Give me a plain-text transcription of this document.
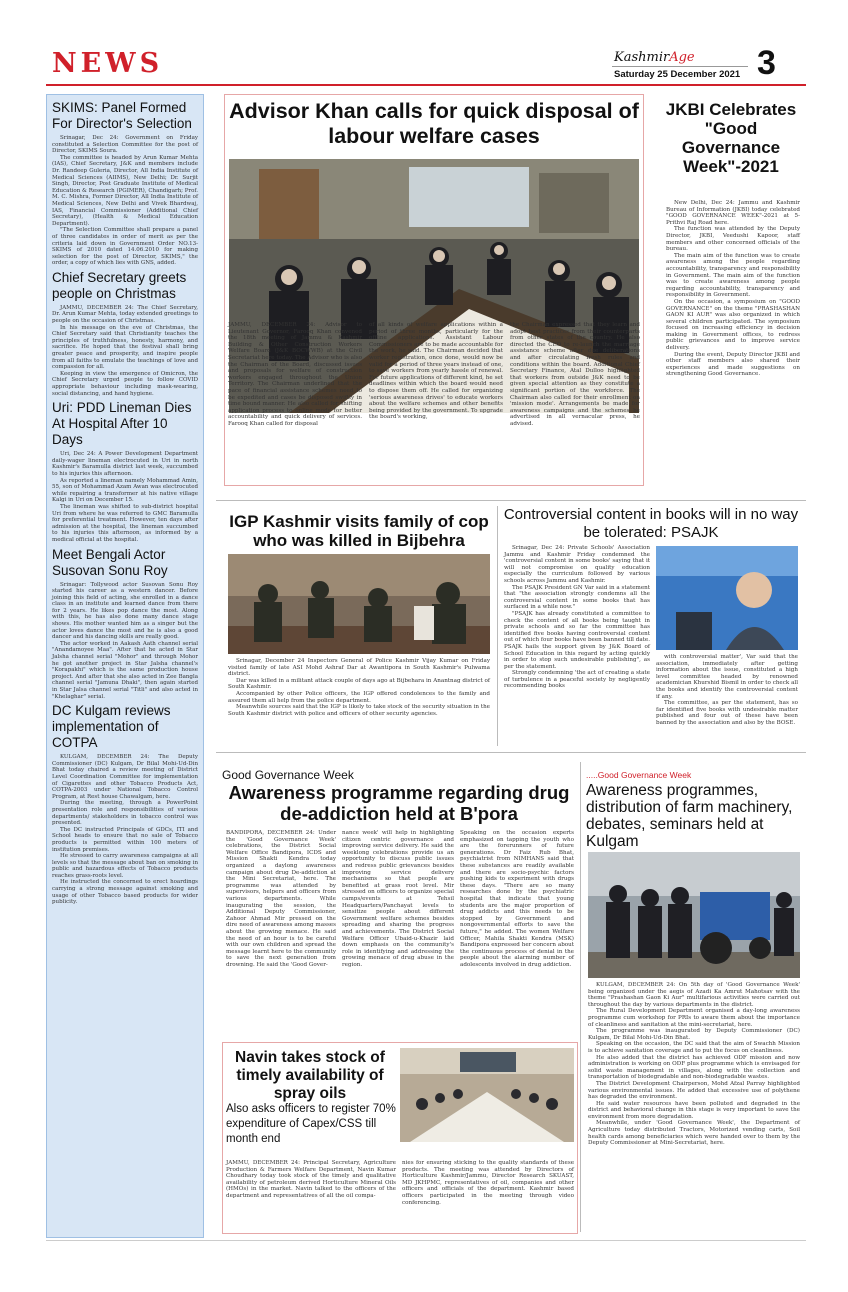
NEWS	KashmirAge
Saturday 25 December 2021 3
SKIMS: Panel Formed For Director's Selection

Srinagar, Dec 24: Government on Friday constituted a Selection Committee for the post of Director, SKIMS Soura.

The committee is headed by Arun Kumar Mehta (IAS), Chief Secretary, J&K and members include Dr. Randeep Guleria, Director, All India Institute of Medical Sciences (AIIMS), New Delhi; Dr. Surjit Singh, Director, Post Graduate Institute of Medical Education & Research (PGIMER), Chandigarh; Prof. M. C. Mishra, Former Director, All India Institute of Medical Sciences, New Delhi and Vivek Bhardwaj, IAS, Financial Commissioner (Additional Chief Secretary), (Health & Medical Education Department).

"The Selection Committee shall prepare a panel of three candidates in order of merit as per the criteria laid down in Government Order NO.13-SKIMS of 2010 dated 14.06.2010 for making selection for the post of Director, SKIMS," the order, a copy of which lies with GNS, added.

Chief Secretary greets people on Christmas

JAMMU, DECEMBER 24: The Chief Secretary, Dr. Arun Kumar Mehta, today extended greetings to people on the occasion of Christmas.

In his message on the eve of Christmas, the Chief Secretary said that Christianity teaches the principles of truthfulness, honesty, harmony, and sacrifice. He hoped that the festival shall bring greater peace and prosperity, and inspire people from all faiths to emulate the teachings of love and compassion for all.

Keeping in view the emergence of Omicron, the Chief Secretary urged people to follow COVID appropriate behaviour including mask-wearing, social distancing, and hand hygiene.

Uri: PDD Lineman Dies At Hospital After 10 Days

Uri, Dec 24: A Power Development Department daily-wager lineman electrocuted in Uri in north Kashmir's Baramulla district last week, succumbed to his injuries this afternoon.

As reported a lineman namely Mohammad Amin, 55, son of Mohammad Azam Awan was electrocuted while repairing a transformer at his native village Kalgi in Uri on December 15.

The lineman was shifted to sub-district hospital Uri from where he was referred to GMC Baramulla for preferential treatment. However, ten days after admission at the hospital, the lineman succumbed to his injuries this afternoon, as informed by a medical official at the hospital.

Meet Bengali Actor Susovan Sonu Roy

Srinagar: Tollywood actor Susovan Sonu Roy started his career as a western dancer. Before joining this field of acting, she enrolled in a dance class in an institute and learned dance from there for 2 years. He likes pop dance the most. Along with this, he has also done many dance stage shows. His mother wanted him as a singer but the actor loves dance the most and he is also a good dancer and his dancing skills are really good.

The actor worked in Aakash Aath channel serial "Anandamoyee Maa". After that he acted in Star Jalsha channel serial "Mohor" and through Mohor he got another project in Star Jalsha channel's "Korapakhi" which is the same production house project. And after that she also acted in Zee Bangla channel serial "Jamuna Dhaki", then again started in Star Jalsa channel serial "Titli" and also acted in "Khelaghar" serial.

DC Kulgam reviews implementation of COTPA

KULGAM, DECEMBER 24: The Deputy Commissioner (DC) Kulgam, Dr Bilal Mohi-Ud-Din Bhat today chaired a review meeting of District Level Coordination Committee for implementation of Cigarettes and other Tobacco Products Act, COTPA-2003 under National Tobacco Control Program, at Rest house Chawalgam, here.

During the meeting, through a PowerPoint presentation role and responsibilities of various departments/ stakeholders in tobacco control was presented.

The DC instructed Principals of GDCs, ITI and School heads to ensure that no sale of Tobacco products is permitted within 100 meters of institution premises.

He stressed to carry awareness campaigns at all levels so that the message about ban on smoking in public and hazardous effects of Tobacco products reaches grass-roots level.

He instructed the concerned to erect hoardings carrying a strong message against smoking and usage of other Tobacco based products for wider publicity.

Advisor Khan calls for quick disposal of labour welfare cases
JAMMU, DECEMBER 24: Advisor to Lieutenant Governor, Farooq Khan convened the 18th meeting of Jammu & Kashmir Building & Other Construction Workers Welfare Board (J&K BOCWWB) at the Civil Secretariat here today. The Advisor who is also the Chairman of the Board, discussed issues and proposals for welfare of construction workers engaged throughout the Union Territory. The Chairman underlined that the pace of financial assistance schemes need to be expedited and cases be disposed swiftly in time bound manner. He also called for shifting application process to online mode for better accountability and quick delivery of services. Farooq Khan called for disposal
of all kinds of welfare applications within a period of three months, particularly for the offline applications. Assistant Labour Commissioners are to be made accountable for the work, he said. The Chairman decided that worker registration, once done, would now be valid for a period of three years instead of one, to save workers from yearly hassle of renewal. For future applications of different kind, he set deadlines within which the board would need to dispose them off. He called for organizing 'serious awareness drives' to educate workers about the welfare schemes and other benefits being provided by the government. To upgrade the board's working,
the Chairman expressed that they learn and adopt best practices from their counterparts from other states of the country. He also directed the CEO to re-launch the marriage assistance scheme after due deliberations and after circulating fresh rules and conditions within the board. Additional Chief Secretary Finance, Atal Dulloo highlighted that workers from outside J&K need to be given special attention as they constitute a significant portion of the workforce. The Chairman also called for their enrollment on 'mission mode'. Arrangements be made for awareness campaigns and the schemes be advertised in all vernacular press, he advised.
JKBI Celebrates "Good Governance Week"-2021

New Delhi, Dec 24: Jammu and Kashmir Bureau of Information (JKBI) today celebrated "GOOD GOVERNANCE WEEK"-2021 at 5-Prithvi Raj Road here.

The function was attended by the Deputy Director, JKBI, Veedushi Kapoor, staff members and other concerned officials of the bureau.

The main aim of the function was to create awareness among the people regarding accountability, transparency and responsibility in Government. The main aim of the function was to create awareness among people regarding accountability, transparency and responsibility in Government.

On the occasion, a symposium on "GOOD GOVERNANCE" on the theme "PRASHASHAN GAON KI AUR" was also organized in which several children participated. The symposium focused on increasing efficiency in decision making in Government offices, to redress public grievances and to improve service delivery.

During the event, Deputy Director JKBI and other staff members also shared their experiences and made suggestions on strengthening Good Governance.

IGP Kashmir visits family of cop who was killed in Bijbehra

Srinagar, December 24 Inspectors General of Police Kashmir Vijay Kumar on Friday visited family of late ASI Mohd Ashraf Dar at Awantipora in South Kashmir's Pulwama district.

Dar was killed in a militant attack couple of days ago at Bijbehara in Anantnag district of South Kashmir.

Accompanied by other Police officers, the IGP offered condolences to the family and assured them all help from the police department.

Meanwhile sources said that the IGP is likely to take stock of the security situation in the South Kashmir district with police and officers of other security agencies.

Controversial content in books will in no way be tolerated: PSAJK

Srinagar, Dec 24: Private Schools' Association Jammu and Kashmir Friday condemned the 'controversial content in some books' saying that it will not compromise on quality education especially the curriculum followed by various schools across Jammu and Kashmir.

The PSAJK President GN Var said in a statement that "the association strongly condemns all the controversial content in some books that has surfaced in a while now."

"PSAJK has already constituted a committee to check the content of all books being taught in private schools and so far the committee has identified five books having controversial content out of which four books have been banned till date. PSAJK hails the support given by J&K Board of School Education in this regard by acting quickly in order to stop such undesirable publishing", as per the statement.

Strongly condemning 'the act of creating a state of turbulence in a peaceful society by negligently recommending books

with controversial matter', Var said that the association, immediately after getting information about the issue, constituted a high level committee headed by renowned academician Khurshid Bismil in order to check all the books and identify the controversial content if any.

The committee, as per the statement, has so far identified five books with undesirable matter published and four out of these have been banned by the association and also by the BOSE.

Good Governance Week
Awareness programme regarding drug de-addiction held at B'pora
BANDIPORA, DECEMBER 24: Under the 'Good Governance Week' celebrations, the District Social Welfare Office Bandipora, ICDS and Mission Shakti Kendra today organized a daylong awareness campaign about drug De-addiction at the Mini Secretariat, here. The programme was attended by supervisors, helpers and officers from various departments. While inaugurating the session, the Additional Deputy Commissioner, Zahoor Ahmad Mir pressed on the dire need of awareness among masses about the growing menace. He said the need of an hour is to be careful with our own children and spread the message learnt here to the community to save the next generation from drowning. He said the 'Good Gover-
nance week' will help in highlighting citizen centric governance and improving service delivery. He said the weeklong celebrations provide us an opportunity to discuss public issues and redress public grievances besides improving service delivery mechanisms so that people are benefited at grass root level. Mir stressed on officers to organize special camps/events at Tehsil Headquarters/Panchayat levels to sensitize people about different Government welfare schemes besides spreading and sharing the progress and achievements. The District Social Welfare Officer Ubaid-u-Khazir laid down emphasis on the community's role in identifying and addressing the growing menace of drug abuse in the region.
Speaking on the occasion experts emphasized on tapping the youth who are the forerunners of future generations. Dr Faiz Rub Bhat, psychiatrist from NIMHANS said that these substances are readily available and there are socio-psychic factors pushing kids to experiment with drugs these days. "There are so many researches done by the psychiatric hospital that indicate that young students are the major proportion of drug addicts and this needs to be stopped by Government and nongovernmental efforts to save the future," he added. The women Welfare Officer, Mahila Shakti Kendra (MSK) Bandipora expressed her concern about the continuous process of denial in the people about the alarming number of adolescents involved in drug addiction.
Navin takes stock of timely availability of spray oils
Also asks officers to register 70% expenditure of Capex/CSS till month end
JAMMU, DECEMBER 24: Principal Secretary, Agriculture Production & Farmers Welfare Department, Navin Kumar Choudhary today took stock of the timely and qualitative availability of petroleum derived Horticulture Mineral Oils (HMOs) in the market. Navin talked to the officers of the department and representatives of all the oil compa-
nies for ensuring sticking to the quality standards of these products. The meeting was attended by Directors of Horticulture Kashmir/Jammu, Director Research SKUAST, MD JKHPMC, representatives of oil, companies and other officers and officials of the department. Kashmir based officers participated in the meeting through video conferencing.
.....Good Governance Week
Awareness programmes, distribution of farm machinery, debates, seminars held at Kulgam

KULGAM, DECEMBER 24: On 5th day of 'Good Governance Week' being organized under the aegis of Azadi Ka Amrut Mahotsav with the theme "Prashashan Gaon Ki Aur" multifarious activities were carried out throughout the day by various departments in the district.

The Rural Development Department organised a day-long awareness programme cum workshop for PRIs to aware them about the importance of cleanliness and sanitation at the mini-secretariat, here.

The programme was inaugurated by Deputy Commissioner (DC) Kulgam, Dr Bilal Mohi-Ud-Din Bhat.

Speaking on the occasion, the DC said that the aim of Swachh Mission is to achieve sanitation coverage and to put the focus on cleanliness.

He also added that the district has achieved ODF mission and now administration is working on ODF plus programme which is envisaged for solid waste management in villages, along with the collection and transportation of biodegradable and non-biodegradable wastes.

The District Development Chairperson, Mohd Afzal Parray highlighted various environmental issues. He added that excessive use of polythene has degraded the environment.

He said water resources have been polluted and degraded in the district and behavioral change in this stage is very important to save the environment from more degradation.

Meanwhile, under 'Good Governance Week', the Department of Agriculture today distributed Tractors, Motorized vending carts, Soil health cards among beneficiaries which were handed over to them by the Deputy Commissioner at Mini-Secretariat, here.
